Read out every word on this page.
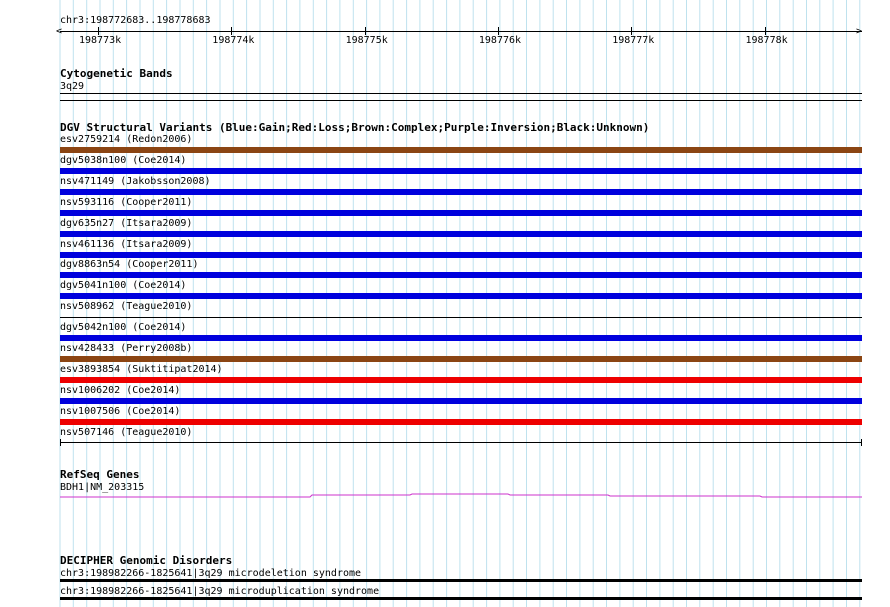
chr3:198772683..198778683
<	>
198773k	198774k	198775k	198776k	198777k	198778k
Cytogenetic Bands
3q29
DGV Structural Variants (Blue:Gain;Red:Loss;Brown:Complex;Purple:Inversion;Black:Unknown)
esv2759214 (Redon2006)
dgv5038n100 (Coe2014)
nsv471149 (Jakobsson2008)
nsv593116 (Cooper2011)
dgv635n27 (Itsara2009)
nsv461136 (Itsara2009)
dgv8863n54 (Cooper2011)
dgv5041n100 (Coe2014)
nsv508962 (Teague2010)
dgv5042n100 (Coe2014)
nsv428433 (Perry2008b)
esv3893854 (Suktitipat2014)
nsv1006202 (Coe2014)
nsv1007506 (Coe2014)
nsv507146 (Teague2010)
RefSeq Genes
BDH1|NM_203315
DECIPHER Genomic Disorders
chr3:198982266-1825641|3q29 microdeletion syndrome
chr3:198982266-1825641|3q29 microduplication syndrome
